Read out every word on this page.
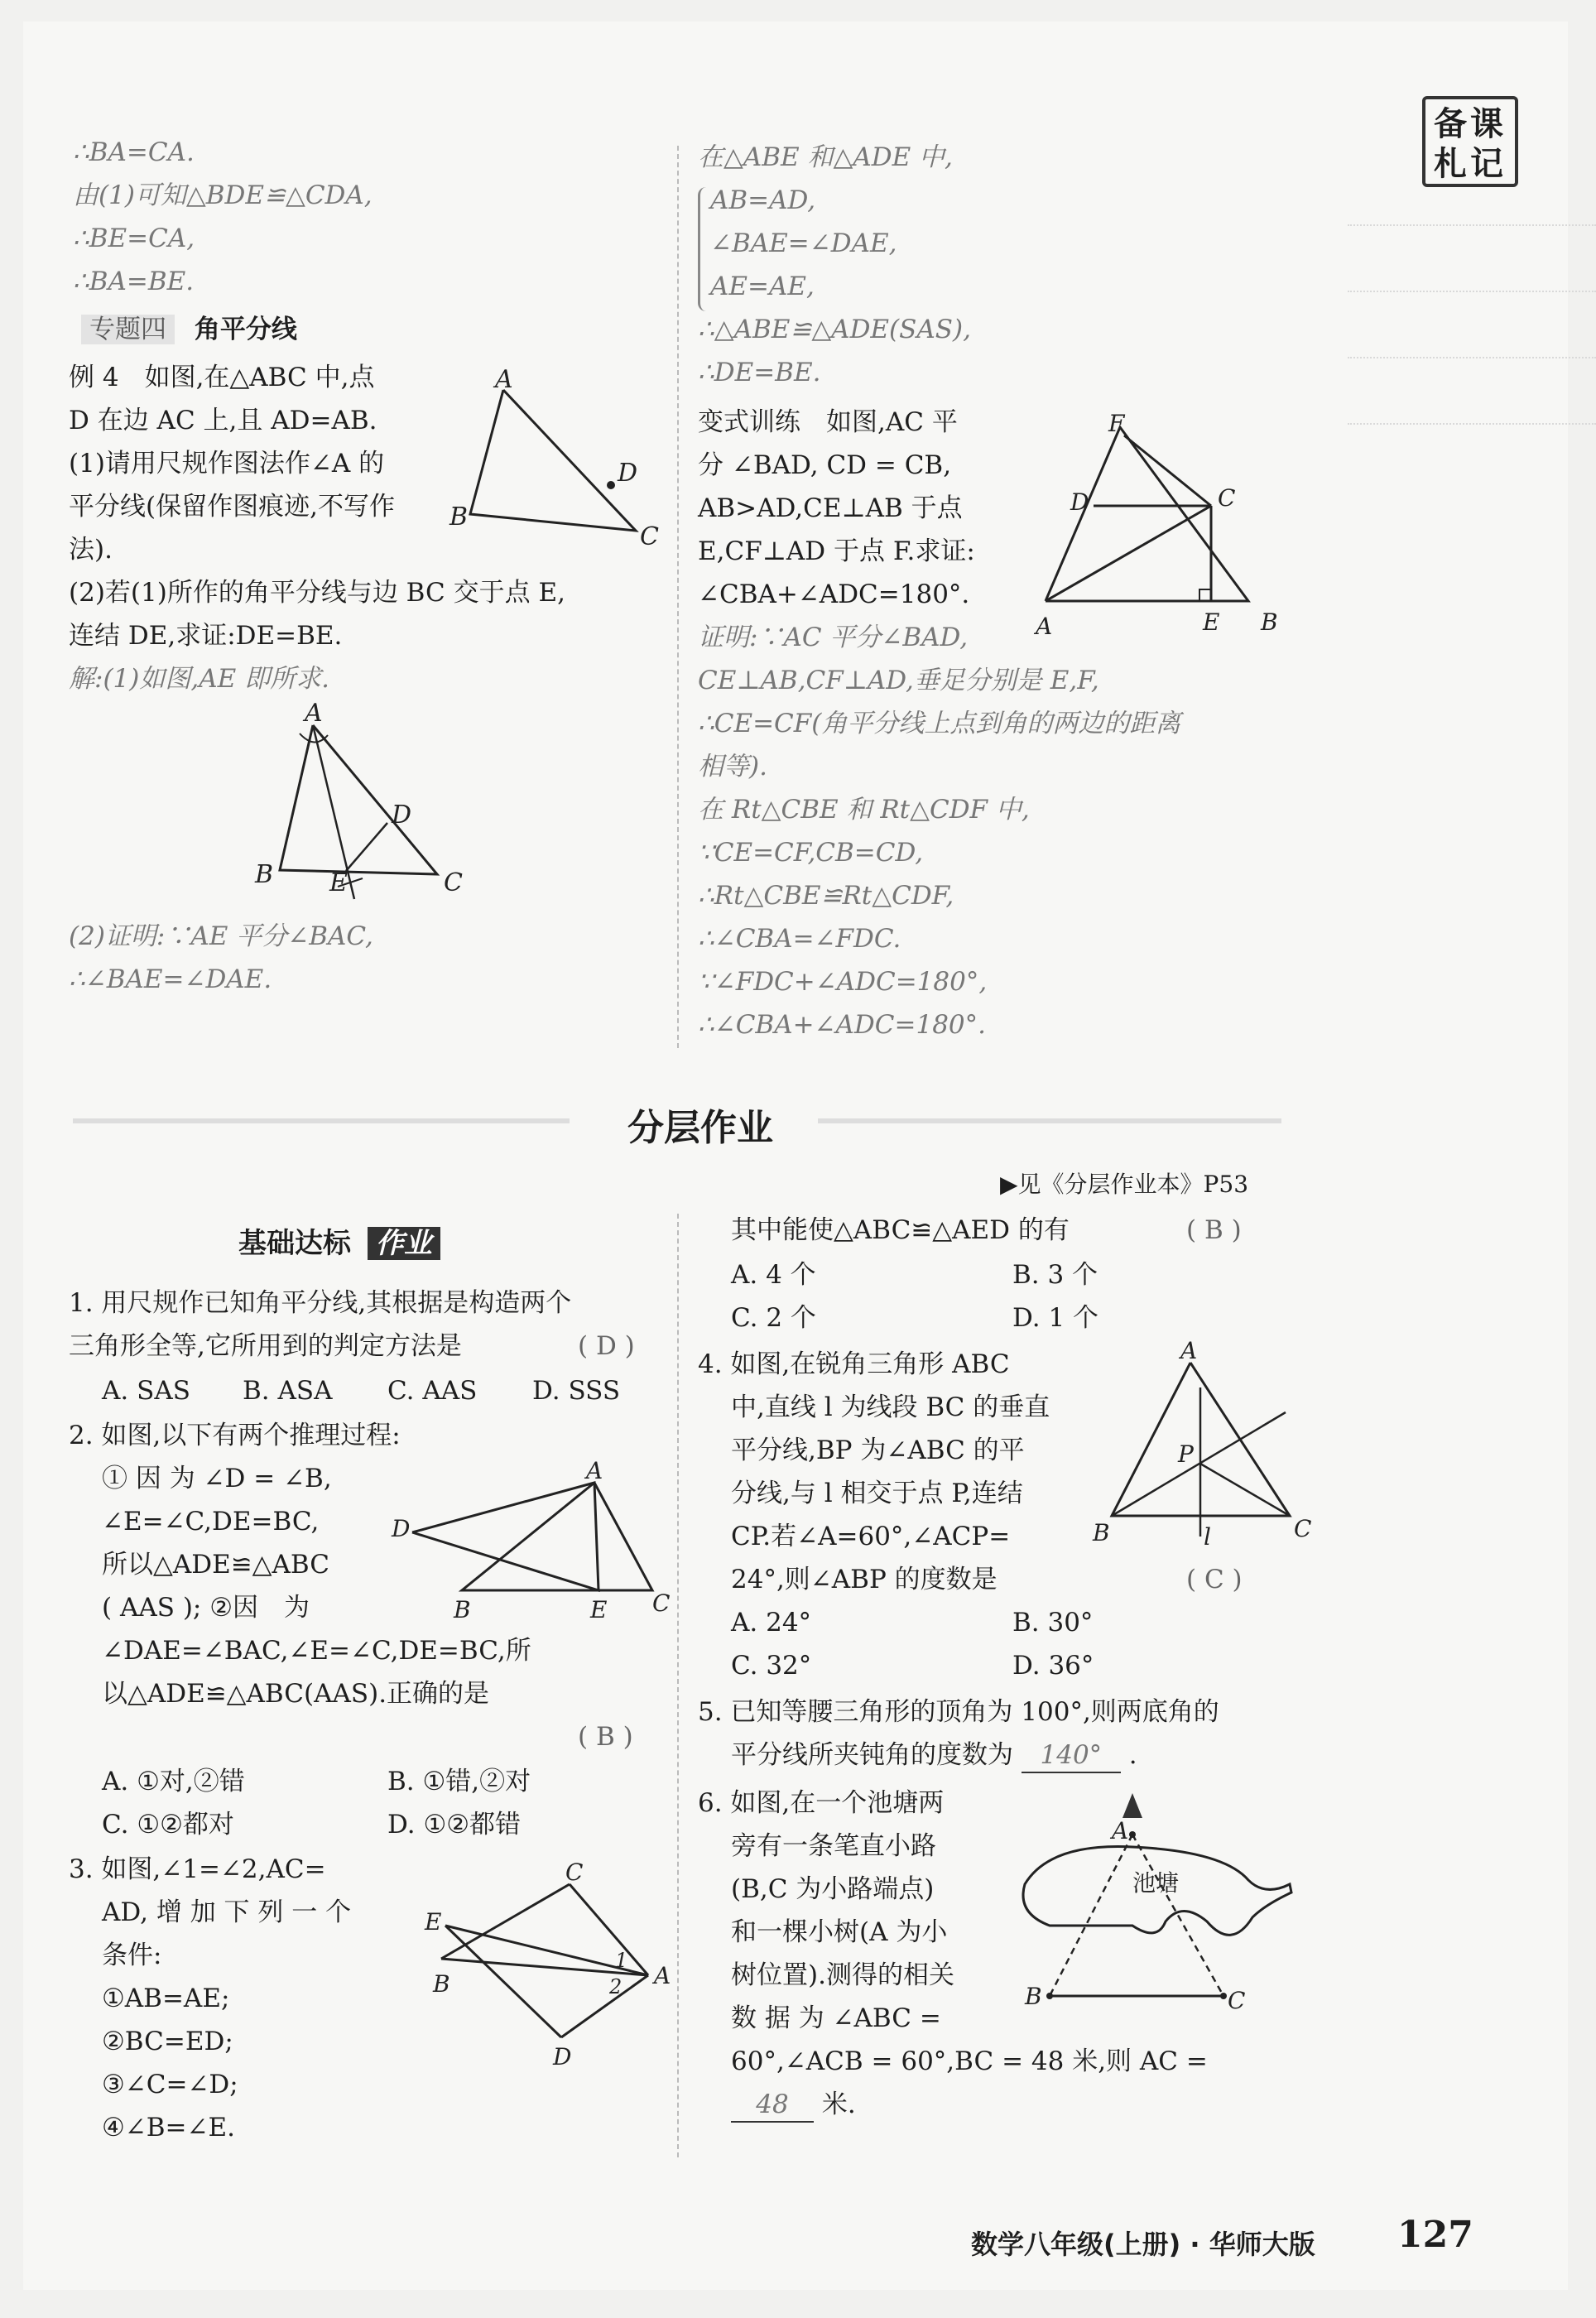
备课
札记
∴BA=CA.
由(1)可知△BDE≌△CDA,
∴BE=CA,
∴BA=BE.
专题四 角平分线
例 4　如图,在△ABC 中,点
D 在边 AC 上,且 AD=AB.
(1)请用尺规作图法作∠A 的
平分线(保留作图痕迹,不写作
法).
(2)若(1)所作的角平分线与边 BC 交于点 E,
连结 DE,求证:DE=BE.
解:(1)如图,AE 即所求.
A
B
C
D
A
B	C
D
E
(2)证明:∵AE 平分∠BAC,
∴∠BAE=∠DAE.
在△ABE 和△ADE 中,
AB=AD,
∠BAE=∠DAE,
AE=AE,
∴△ABE≌△ADE(SAS),
∴DE=BE.
变式训练　如图,AC 平
分 ∠BAD, CD = CB,
AB>AD,CE⊥AB 于点
E,CF⊥AD 于点 F.求证:
∠CBA+∠ADC=180°.
A	B
C
D
E
F
证明:∵AC 平分∠BAD,
CE⊥AB,CF⊥AD,垂足分别是 E,F,
∴CE=CF(角平分线上点到角的两边的距离
相等).
在 Rt△CBE 和 Rt△CDF 中,
∵CE=CF,CB=CD,
∴Rt△CBE≌Rt△CDF,
∴∠CBA=∠FDC.
∵∠FDC+∠ADC=180°,
∴∠CBA+∠ADC=180°.
分层作业
▶见《分层作业本》P53
基础达标 作业
1. 用尺规作已知角平分线,其根据是构造两个
三角形全等,它所用到的判定方法是	( D )
A. SAS B. ASA C. AAS D. SSS
2. 如图,以下有两个推理过程:
① 因 为 ∠D = ∠B,
∠E=∠C,DE=BC,
所以△ADE≌△ABC
( AAS ); ②因　为
∠DAE=∠BAC,∠E=∠C,DE=BC,所
以△ADE≌△ABC(AAS).正确的是
A
D
B	E C
( B )
A. ①对,②错	B. ①错,②对
C. ①②都对	D. ①②都错
3. 如图,∠1=∠2,AC=
AD, 增 加 下 列 一 个
条件:
①AB=AE;
②BC=ED;
③∠C=∠D;
④∠B=∠E.
C
E
B	A
D
1
2
其中能使△ABC≌△AED 的有	( B )
A. 4 个	B. 3 个
C. 2 个	D. 1 个
4. 如图,在锐角三角形 ABC
中,直线 l 为线段 BC 的垂直
平分线,BP 为∠ABC 的平
分线,与 l 相交于点 P,连结
CP.若∠A=60°,∠ACP=
24°,则∠ABP 的度数是	( C )
A
B	C
P
l
A. 24°	B. 30°
C. 32°	D. 36°
5. 已知等腰三角形的顶角为 100°,则两底角的
平分线所夹钝角的度数为 140° .
6. 如图,在一个池塘两
旁有一条笔直小路
(B,C 为小路端点)
和一棵小树(A 为小
树位置).测得的相关
数 据 为 ∠ABC =
60°,∠ACB = 60°,BC = 48 米,则 AC =
48 米.
A
B	C
池塘
数学八年级(上册) · 华师大版 127
